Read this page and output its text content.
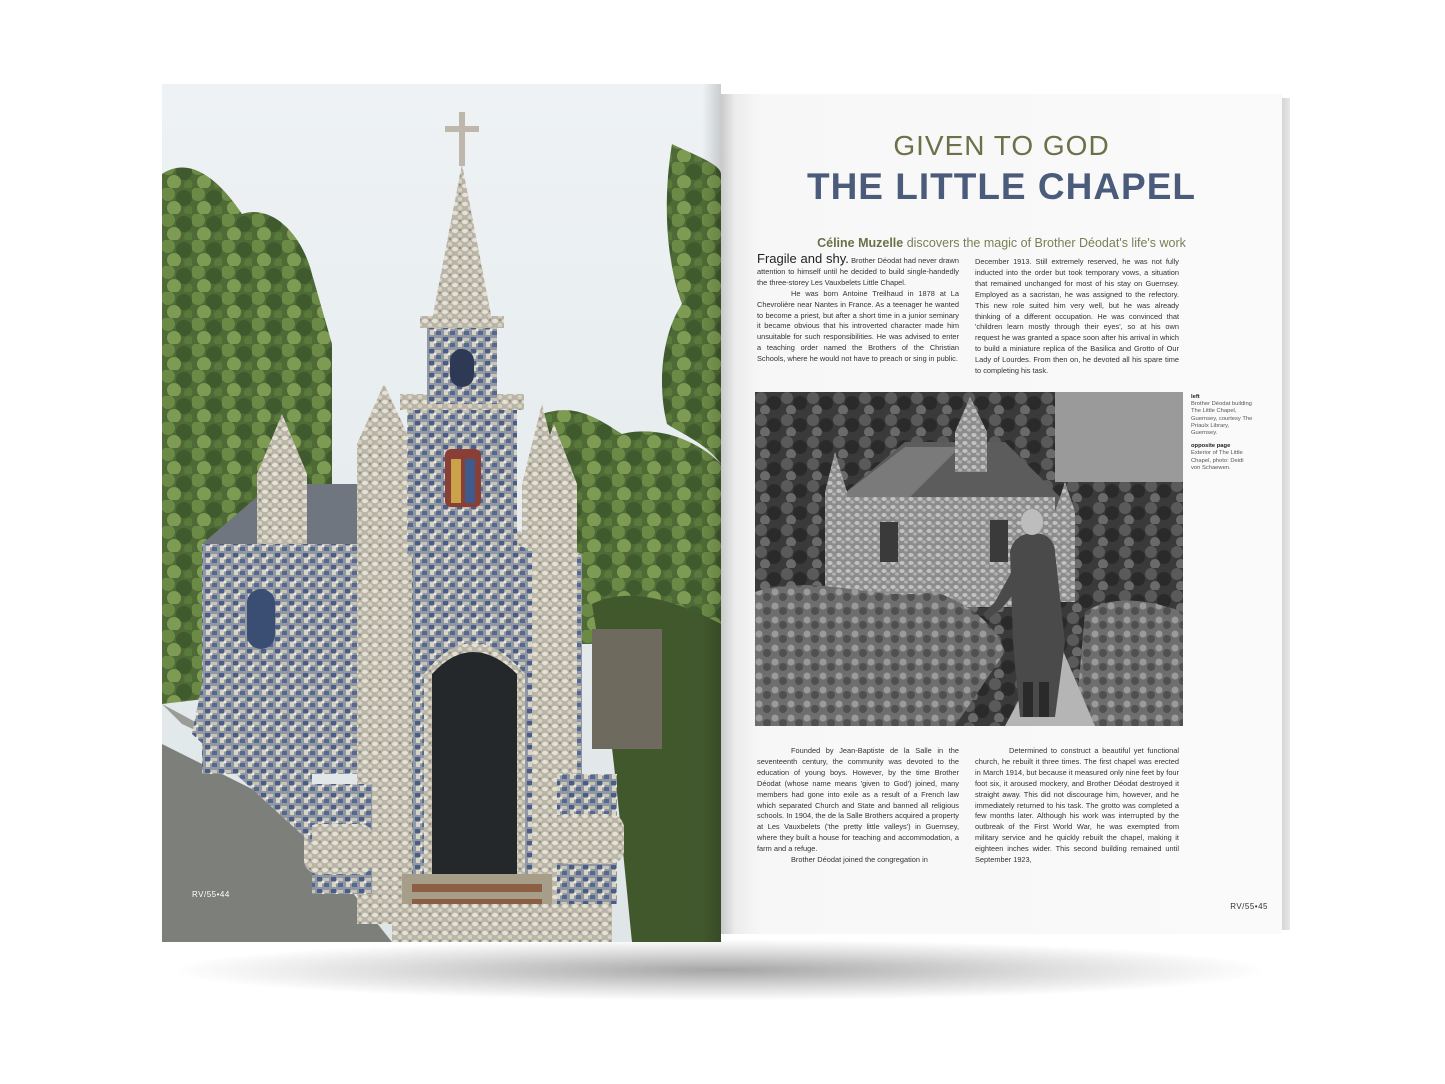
RV/55•44
GIVEN TO GOD
THE LITTLE CHAPEL
Céline Muzelle discovers the magic of Brother Déodat's life's work

Fragile and shy. Brother Déodat had never drawn attention to himself until he decided to build single-handedly the three-storey Les Vauxbelets Little Chapel.

He was born Antoine Treilhaud in 1878 at La Chevrolière near Nantes in France. As a teenager he wanted to become a priest, but after a short time in a junior seminary it became obvious that his introverted character made him unsuitable for such responsibilities. He was advised to enter a teaching order named the Brothers of the Christian Schools, where he would not have to preach or sing in public.

December 1913. Still extremely reserved, he was not fully inducted into the order but took temporary vows, a situation that remained unchanged for most of his stay on Guernsey. Employed as a sacristan, he was assigned to the refectory. This new role suited him very well, but he was already thinking of a different occupation. He was convinced that 'children learn mostly through their eyes', so at his own request he was granted a space soon after his arrival in which to build a miniature replica of the Basilica and Grotto of Our Lady of Lourdes. From then on, he devoted all his spare time to completing his task.

left
Brother Déodat building The Little Chapel, Guernsey, courtesy The Priaulx Library, Guernsey.
opposite page
Exterior of The Little Chapel, photo: Deidi von Schaewen.

Founded by Jean-Baptiste de la Salle in the seventeenth century, the community was devoted to the education of young boys. However, by the time Brother Déodat (whose name means 'given to God') joined, many members had gone into exile as a result of a French law which separated Church and State and banned all religious schools. In 1904, the de la Salle Brothers acquired a property at Les Vauxbelets ('the pretty little valleys') in Guernsey, where they built a house for teaching and accommodation, a farm and a refuge.

Brother Déodat joined the congregation in

Determined to construct a beautiful yet functional church, he rebuilt it three times. The first chapel was erected in March 1914, but because it measured only nine feet by four foot six, it aroused mockery, and Brother Déodat destroyed it straight away. This did not discourage him, however, and he immediately returned to his task. The grotto was completed a few months later. Although his work was interrupted by the outbreak of the First World War, he was exempted from military service and he quickly rebuilt the chapel, making it eighteen inches wider. This second building remained until September 1923,

RV/55•45
